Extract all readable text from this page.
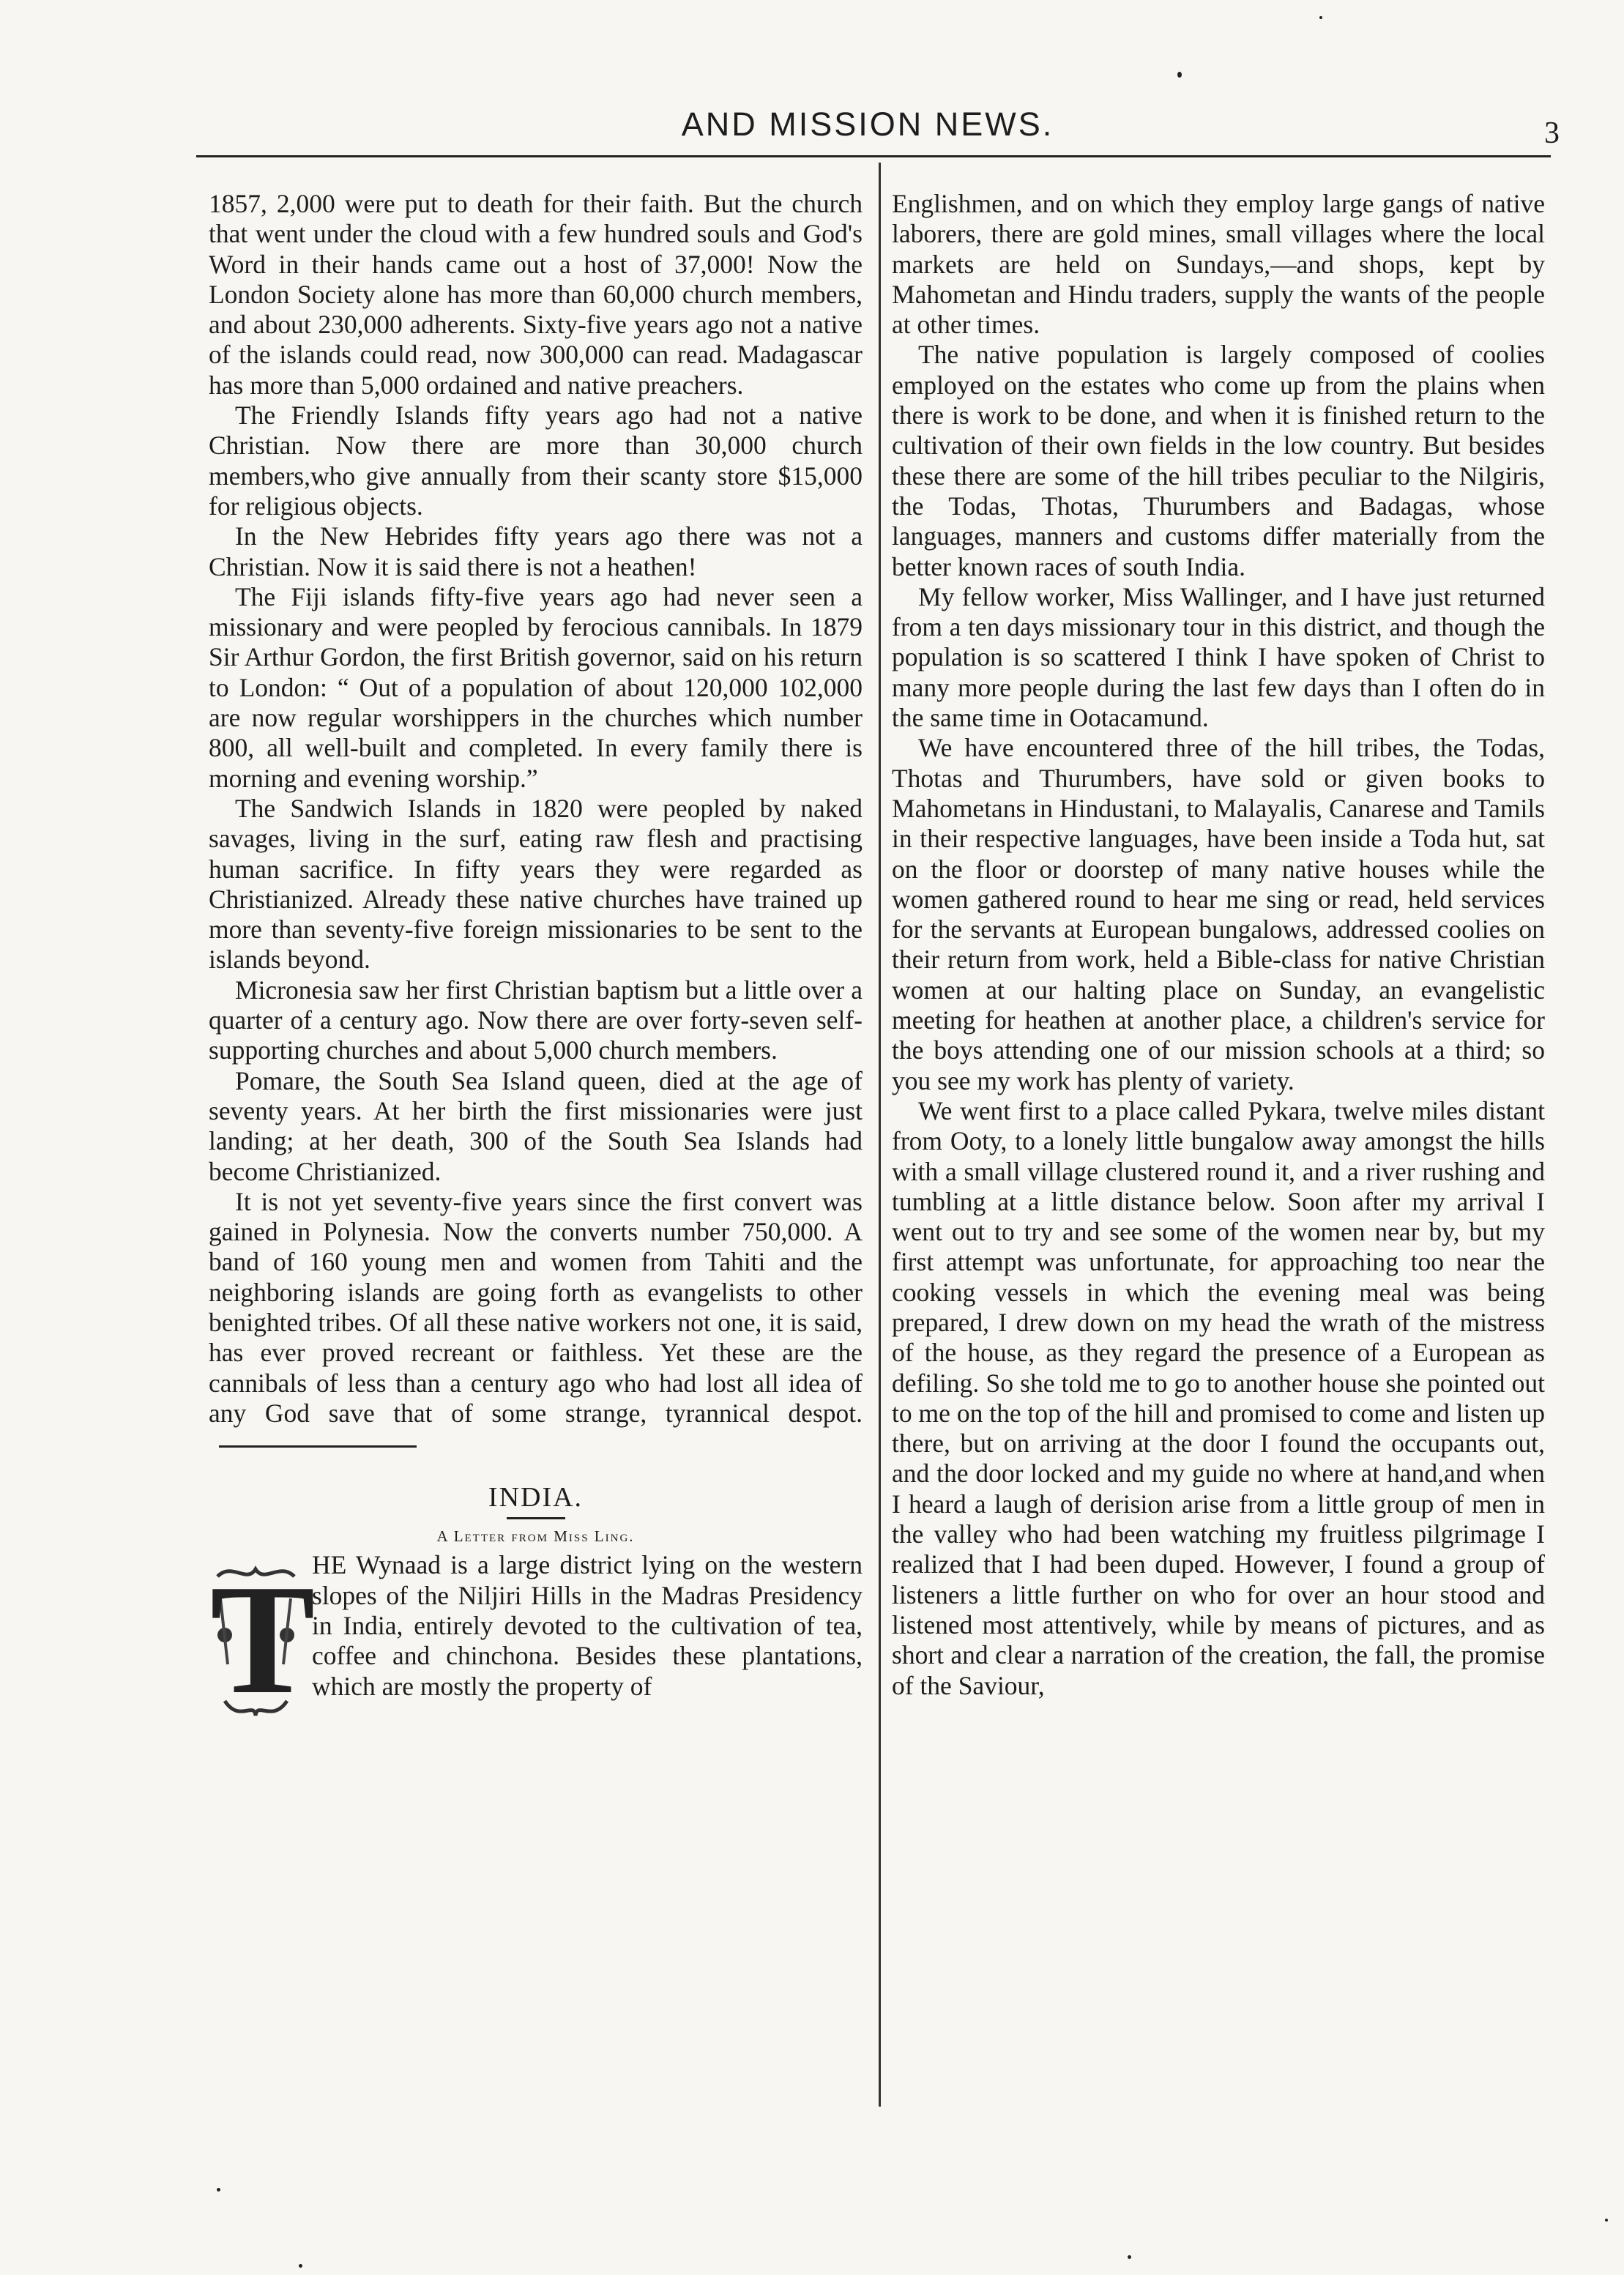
AND MISSION NEWS.	3

1857, 2,000 were put to death for their faith. But the church that went under the cloud with a few hundred souls and God's Word in their hands came out a host of 37,000! Now the London Society alone has more than 60,000 church members, and about 230,000 adherents. Sixty-five years ago not a native of the islands could read, now 300,000 can read. Madagascar has more than 5,000 ordained and native preachers.

The Friendly Islands fifty years ago had not a native Christian. Now there are more than 30,000 church members,who give annually from their scanty store $15,000 for religious objects.

In the New Hebrides fifty years ago there was not a Christian. Now it is said there is not a heathen!

The Fiji islands fifty-five years ago had never seen a missionary and were peopled by ferocious cannibals. In 1879 Sir Arthur Gordon, the first British governor, said on his return to London: “ Out of a population of about 120,000 102,000 are now regular worshippers in the churches which number 800, all well-built and completed. In every family there is morning and evening worship.”

The Sandwich Islands in 1820 were peopled by naked savages, living in the surf, eating raw flesh and practising human sacrifice. In fifty years they were regarded as Christianized. Already these native churches have trained up more than seventy-five foreign missionaries to be sent to the islands beyond.

Micronesia saw her first Christian baptism but a little over a quarter of a century ago. Now there are over forty-seven self-supporting churches and about 5,000 church members.

Pomare, the South Sea Island queen, died at the age of seventy years. At her birth the first missionaries were just landing; at her death, 300 of the South Sea Islands had become Christianized.

It is not yet seventy-five years since the first convert was gained in Polynesia. Now the converts number 750,000. A band of 160 young men and women from Tahiti and the neighboring islands are going forth as evangelists to other benighted tribes. Of all these native workers not one, it is said, has ever proved recreant or faithless. Yet these are the cannibals of less than a century ago who had lost all idea of any God save that of some strange, tyrannical despot.

INDIA.
A Letter from Miss Ling.
T

HE Wynaad is a large district lying on the western slopes of the Niljiri Hills in the Madras Presidency in India, entirely devoted to the cultivation of tea, coffee and chinchona. Besides these plantations, which are mostly the property of

Englishmen, and on which they employ large gangs of native laborers, there are gold mines, small villages where the local markets are held on Sundays,—and shops, kept by Mahometan and Hindu traders, supply the wants of the people at other times.

The native population is largely composed of coolies employed on the estates who come up from the plains when there is work to be done, and when it is finished return to the cultivation of their own fields in the low country. But besides these there are some of the hill tribes peculiar to the Nilgiris, the Todas, Thotas, Thurumbers and Badagas, whose languages, manners and customs differ materially from the better known races of south India.

My fellow worker, Miss Wallinger, and I have just returned from a ten days missionary tour in this district, and though the population is so scattered I think I have spoken of Christ to many more people during the last few days than I often do in the same time in Ootacamund.

We have encountered three of the hill tribes, the Todas, Thotas and Thurumbers, have sold or given books to Mahometans in Hindustani, to Malayalis, Canarese and Tamils in their respective languages, have been inside a Toda hut, sat on the floor or doorstep of many native houses while the women gathered round to hear me sing or read, held services for the servants at European bungalows, addressed coolies on their return from work, held a Bible-class for native Christian women at our halting place on Sunday, an evangelistic meeting for heathen at another place, a children's service for the boys attending one of our mission schools at a third; so you see my work has plenty of variety.

We went first to a place called Pykara, twelve miles distant from Ooty, to a lonely little bungalow away amongst the hills with a small village clustered round it, and a river rushing and tumbling at a little distance below. Soon after my arrival I went out to try and see some of the women near by, but my first attempt was unfortunate, for approaching too near the cooking vessels in which the evening meal was being prepared, I drew down on my head the wrath of the mistress of the house, as they regard the presence of a European as defiling. So she told me to go to another house she pointed out to me on the top of the hill and promised to come and listen up there, but on arriving at the door I found the occupants out, and the door locked and my guide no where at hand,and when I heard a laugh of derision arise from a little group of men in the valley who had been watching my fruitless pilgrimage I realized that I had been duped. However, I found a group of listeners a little further on who for over an hour stood and listened most attentively, while by means of pictures, and as short and clear a narration of the creation, the fall, the promise of the Saviour,
